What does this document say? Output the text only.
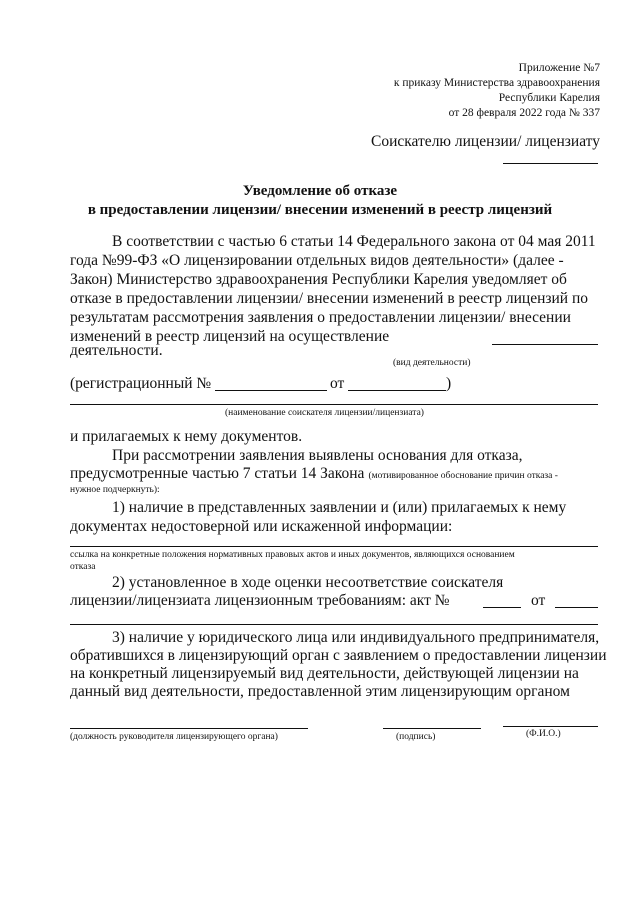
Приложение №7
к приказу Министерства здравоохранения
Республики Карелия
от 28 февраля 2022 года № 337
Соискателю лицензии/ лицензиату
Уведомление об отказе
в предоставлении лицензии/ внесении изменений в реестр лицензий
В соответствии с частью 6 статьи 14 Федерального закона от 04 мая 2011
года №99-ФЗ «О лицензировании отдельных видов деятельности» (далее -
Закон) Министерство здравоохранения Республики Карелия уведомляет об
отказе в предоставлении лицензии/ внесении изменений в реестр лицензий по
результатам рассмотрения заявления о предоставлении лицензии/ внесении
изменений в реестр лицензий на осуществление
деятельности.
(вид деятельности)
(регистрационный №	от	)
(наименование соискателя лицензии/лицензиата)
и прилагаемых к нему документов.
При рассмотрении заявления выявлены основания для отказа,
предусмотренные частью 7 статьи 14 Закона (мотивированное обоснование причин отказа -
нужное подчеркнуть):
1) наличие в представленных заявлении и (или) прилагаемых к нему
документах недостоверной или искаженной информации:
ссылка на конкретные положения нормативных правовых актов и иных документов, являющихся основанием
отказа
2) установленное в ходе оценки несоответствие соискателя
лицензии/лицензиата лицензионным требованиям: акт №	от
3) наличие у юридического лица или индивидуального предпринимателя,
обратившихся в лицензирующий орган с заявлением о предоставлении лицензии
на конкретный лицензируемый вид деятельности, действующей лицензии на
данный вид деятельности, предоставленной этим лицензирующим органом
(должность руководителя лицензирующего органа)	(подпись)	(Ф.И.О.)
